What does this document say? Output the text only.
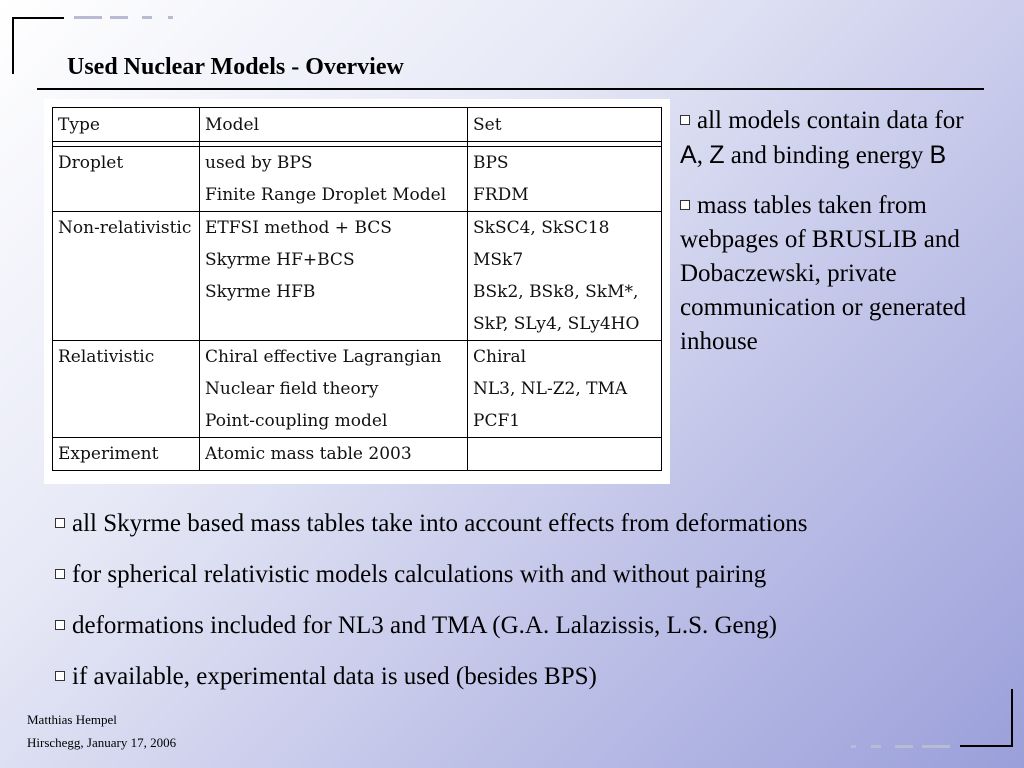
Used Nuclear Models - Overview
Type	Model	Set

Droplet	used by BPS	BPS
	Finite Range Droplet Model	FRDM
Non-relativistic	ETFSI method + BCS	SkSC4, SkSC18
	Skyrme HF+BCS	MSk7
	Skyrme HFB	BSk2, BSk8, SkM*,
		SkP, SLy4, SLy4HO
Relativistic	Chiral effective Lagrangian	Chiral
	Nuclear field theory	NL3, NL-Z2, TMA
	Point-coupling model	PCF1
Experiment	Atomic mass table 2003	

all models contain data for
A, Z and binding energy B

mass tables taken from webpages of BRUSLIB and Dobaczewski, private communication or generated inhouse

all Skyrme based mass tables take into account effects from deformations
for spherical relativistic models calculations with and without pairing
deformations included for NL3 and TMA (G.A. Lalazissis, L.S. Geng)
if available, experimental data is used (besides BPS)
Matthias Hempel
Hirschegg, January 17, 2006
